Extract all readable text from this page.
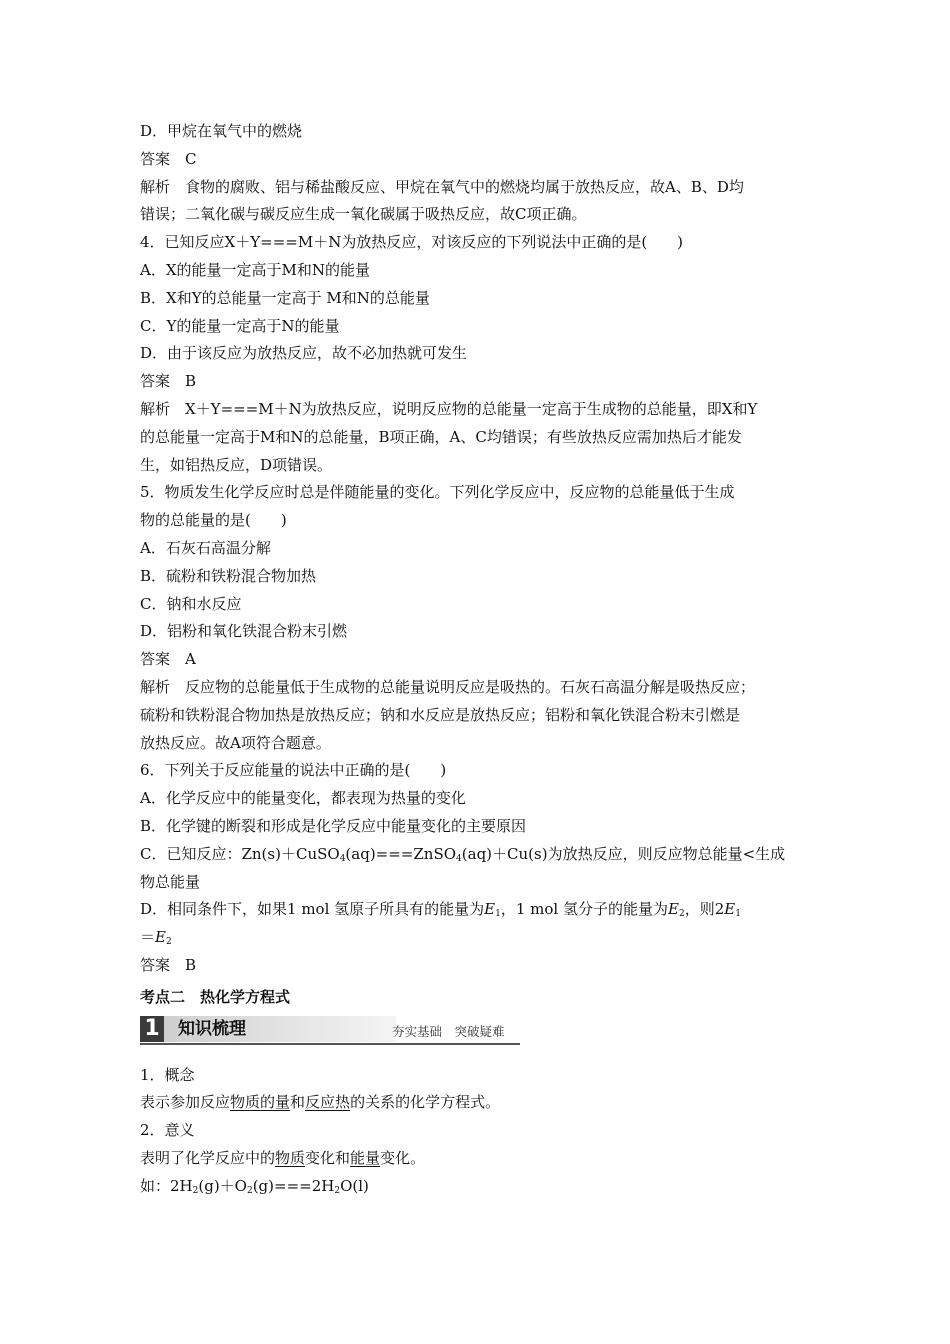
D．甲烷在氧气中的燃烧
答案　C
解析　食物的腐败、铝与稀盐酸反应、甲烷在氧气中的燃烧均属于放热反应，故A、B、D均
错误；二氧化碳与碳反应生成一氧化碳属于吸热反应，故C项正确。
4．已知反应X＋Y===M＋N为放热反应，对该反应的下列说法中正确的是(　　)
A．X的能量一定高于M和N的能量
B．X和Y的总能量一定高于 M和N的总能量
C．Y的能量一定高于N的能量
D．由于该反应为放热反应，故不必加热就可发生
答案　B
解析　X＋Y===M＋N为放热反应，说明反应物的总能量一定高于生成物的总能量，即X和Y
的总能量一定高于M和N的总能量，B项正确，A、C均错误；有些放热反应需加热后才能发
生，如铝热反应，D项错误。
5．物质发生化学反应时总是伴随能量的变化。下列化学反应中，反应物的总能量低于生成
物的总能量的是(　　)
A．石灰石高温分解
B．硫粉和铁粉混合物加热
C．钠和水反应
D．铝粉和氧化铁混合粉末引燃
答案　A
解析　反应物的总能量低于生成物的总能量说明反应是吸热的。石灰石高温分解是吸热反应；
硫粉和铁粉混合物加热是放热反应；钠和水反应是放热反应；铝粉和氧化铁混合粉末引燃是
放热反应。故A项符合题意。
6．下列关于反应能量的说法中正确的是(　　)
A．化学反应中的能量变化，都表现为热量的变化
B．化学键的断裂和形成是化学反应中能量变化的主要原因
C．已知反应：Zn(s)＋CuSO$_4$(aq)===ZnSO$_4$(aq)＋Cu(s)为放热反应，则反应物总能量<生成
物总能量
D．相同条件下，如果1 mol 氢原子所具有的能量为$E_1$，1 mol 氢分子的能量为$E_2$，则$2E_1$
$=E_2$
答案　B
考点二　热化学方程式
1 知识梳理	夯实基础　突破疑难
1．概念
表示参加反应物质的量和反应热的关系的化学方程式。
2．意义
表明了化学反应中的物质变化和能量变化。
如：$2H_2(g)+O_2(g)===2H_2O(l)$
